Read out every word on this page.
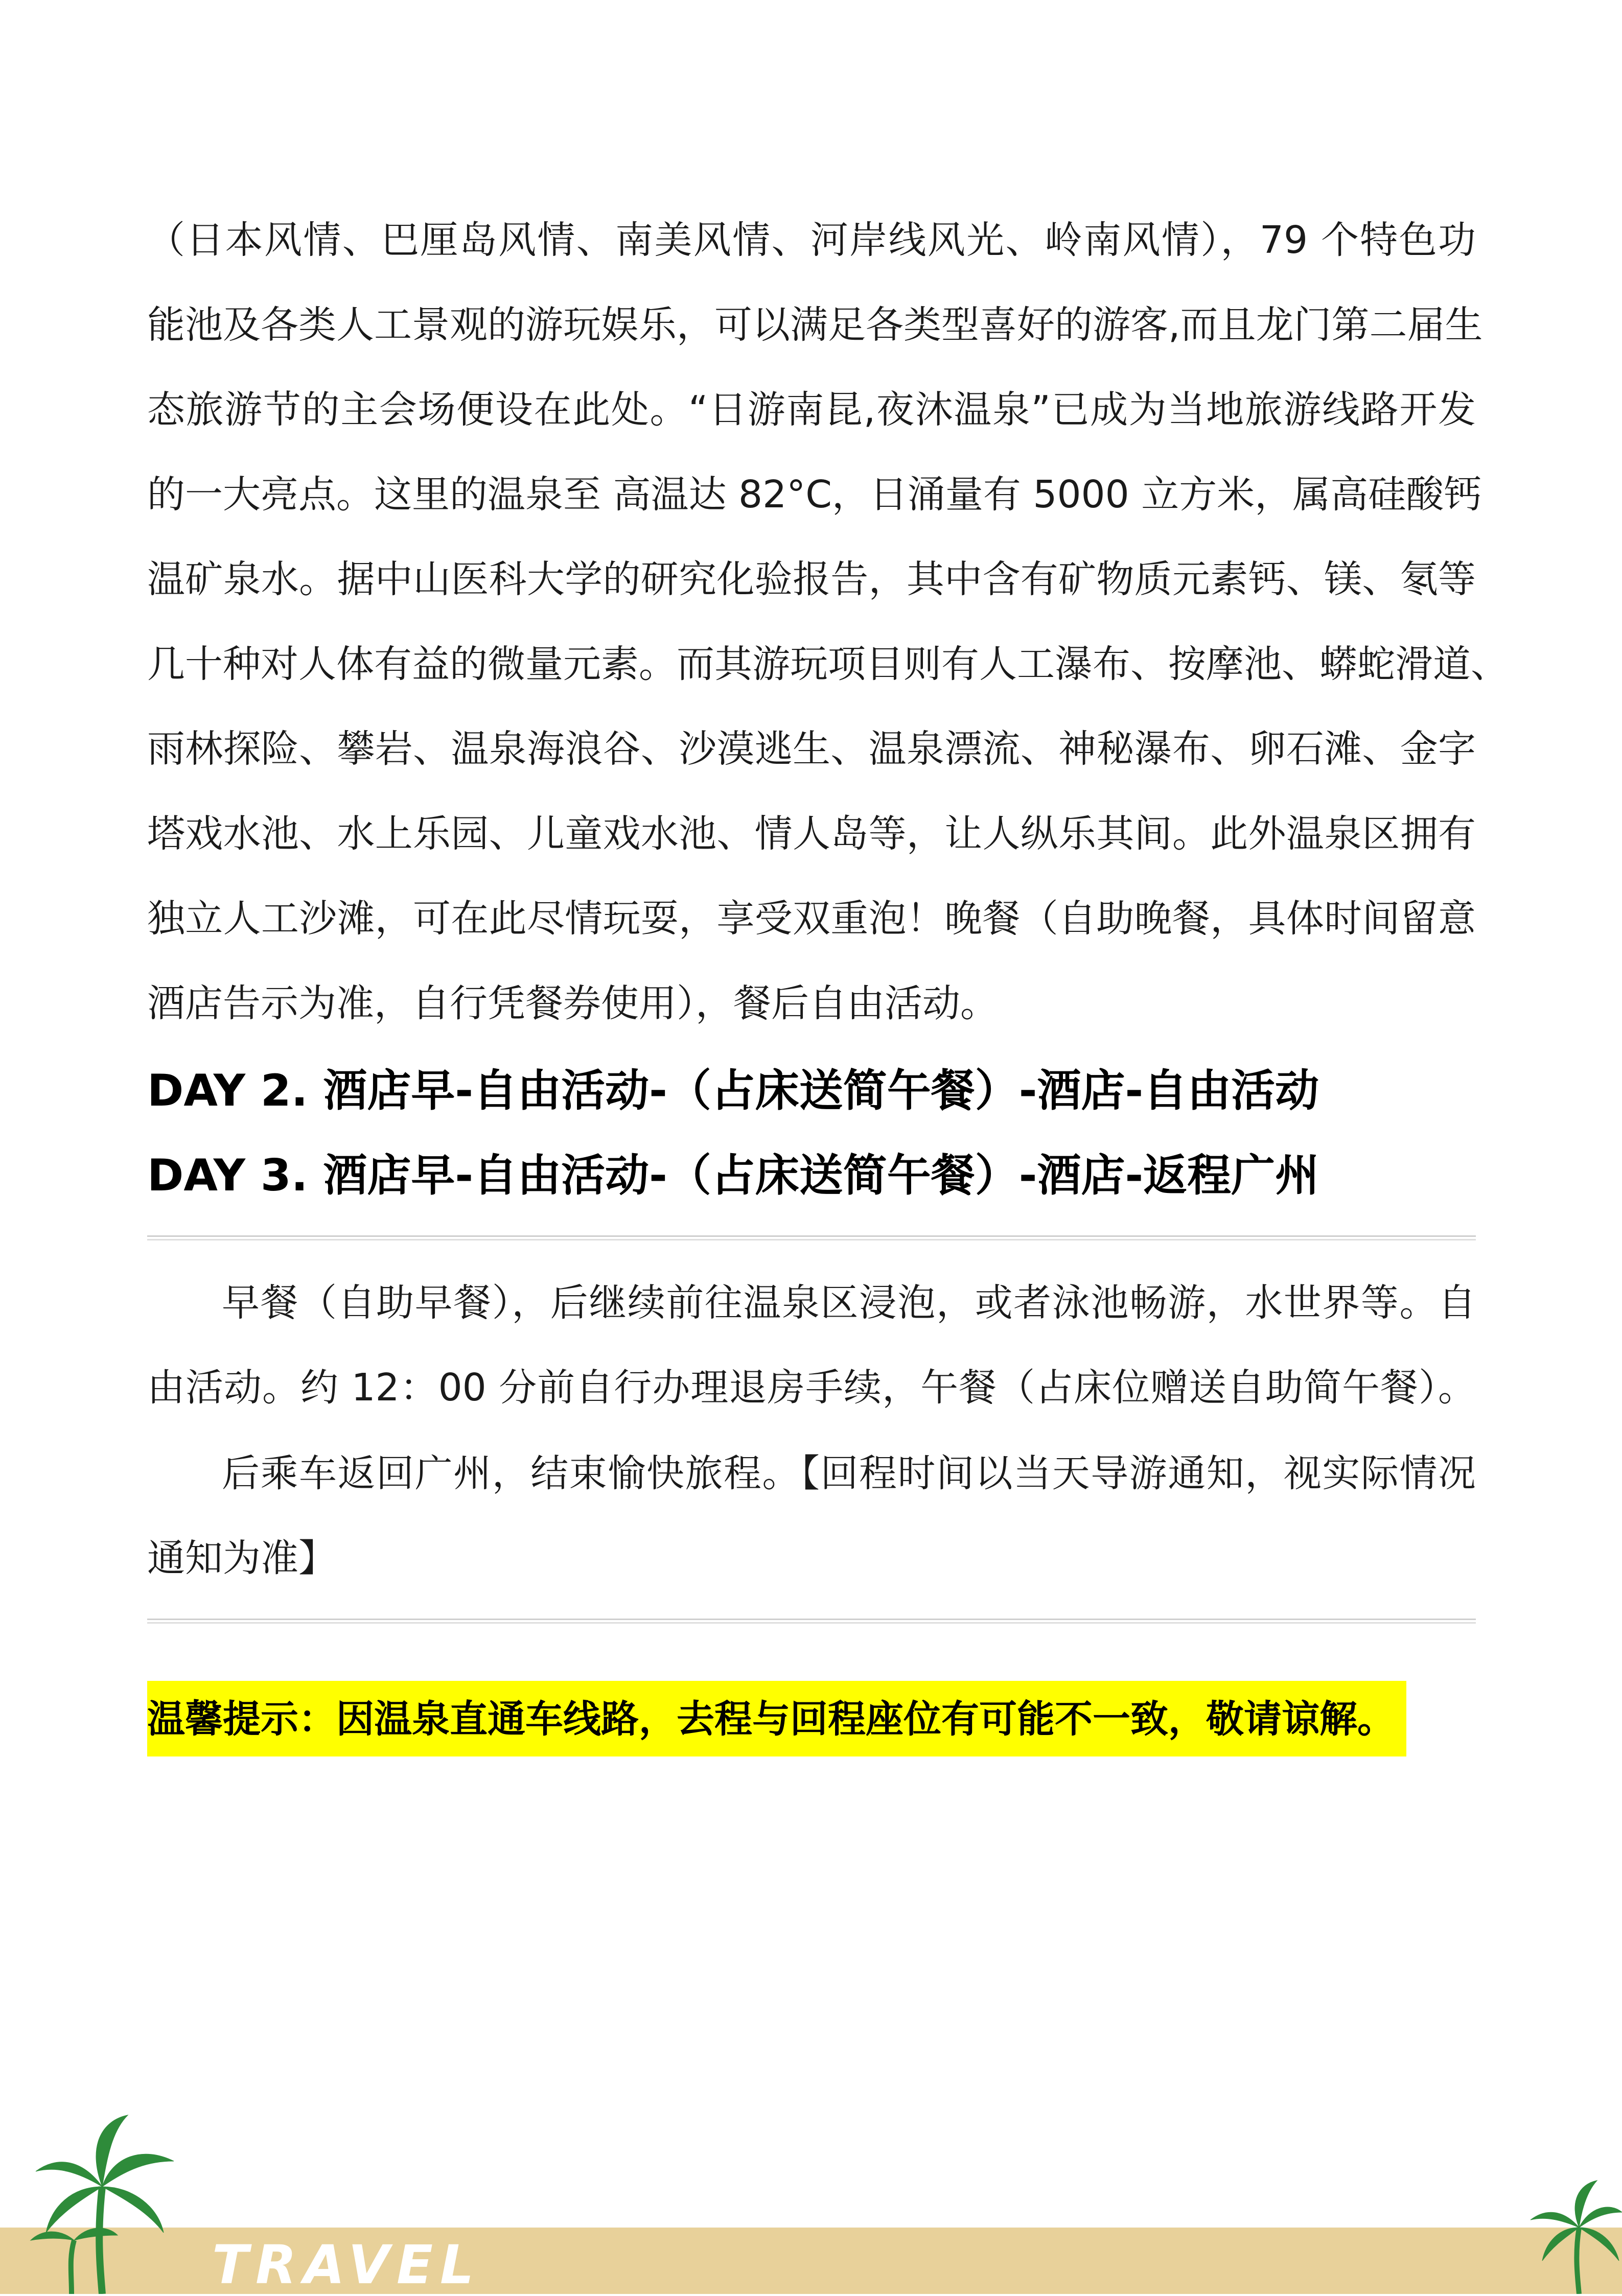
（日本风情、巴厘岛风情、南美风情、河岸线风光、岭南风情），79 个特色功
能池及各类人工景观的游玩娱乐，可以满足各类型喜好的游客,而且龙门第二届生
态旅游节的主会场便设在此处。“日游南昆,夜沐温泉”已成为当地旅游线路开发
的一大亮点。这里的温泉至 高温达 82°C，日涌量有 5000 立方米，属高硅酸钙
温矿泉水。据中山医科大学的研究化验报告，其中含有矿物质元素钙、镁、氡等
几十种对人体有益的微量元素。而其游玩项目则有人工瀑布、按摩池、蟒蛇滑道、
雨林探险、攀岩、温泉海浪谷、沙漠逃生、温泉漂流、神秘瀑布、卵石滩、金字
塔戏水池、水上乐园、儿童戏水池、情人岛等，让人纵乐其间。此外温泉区拥有
独立人工沙滩，可在此尽情玩耍，享受双重泡！晚餐（自助晚餐，具体时间留意
酒店告示为准，自行凭餐券使用），餐后自由活动。
DAY 2. 酒店早-自由活动-（占床送简午餐）-酒店-自由活动
DAY 3. 酒店早-自由活动-（占床送简午餐）-酒店-返程广州
早餐（自助早餐），后继续前往温泉区浸泡，或者泳池畅游，水世界等。自
由活动。约 12：00 分前自行办理退房手续，午餐（占床位赠送自助简午餐）。
后乘车返回广州，结束愉快旅程。【回程时间以当天导游通知，视实际情况
通知为准】
温馨提示：因温泉直通车线路，去程与回程座位有可能不一致，敬请谅解。
TRAVEL
